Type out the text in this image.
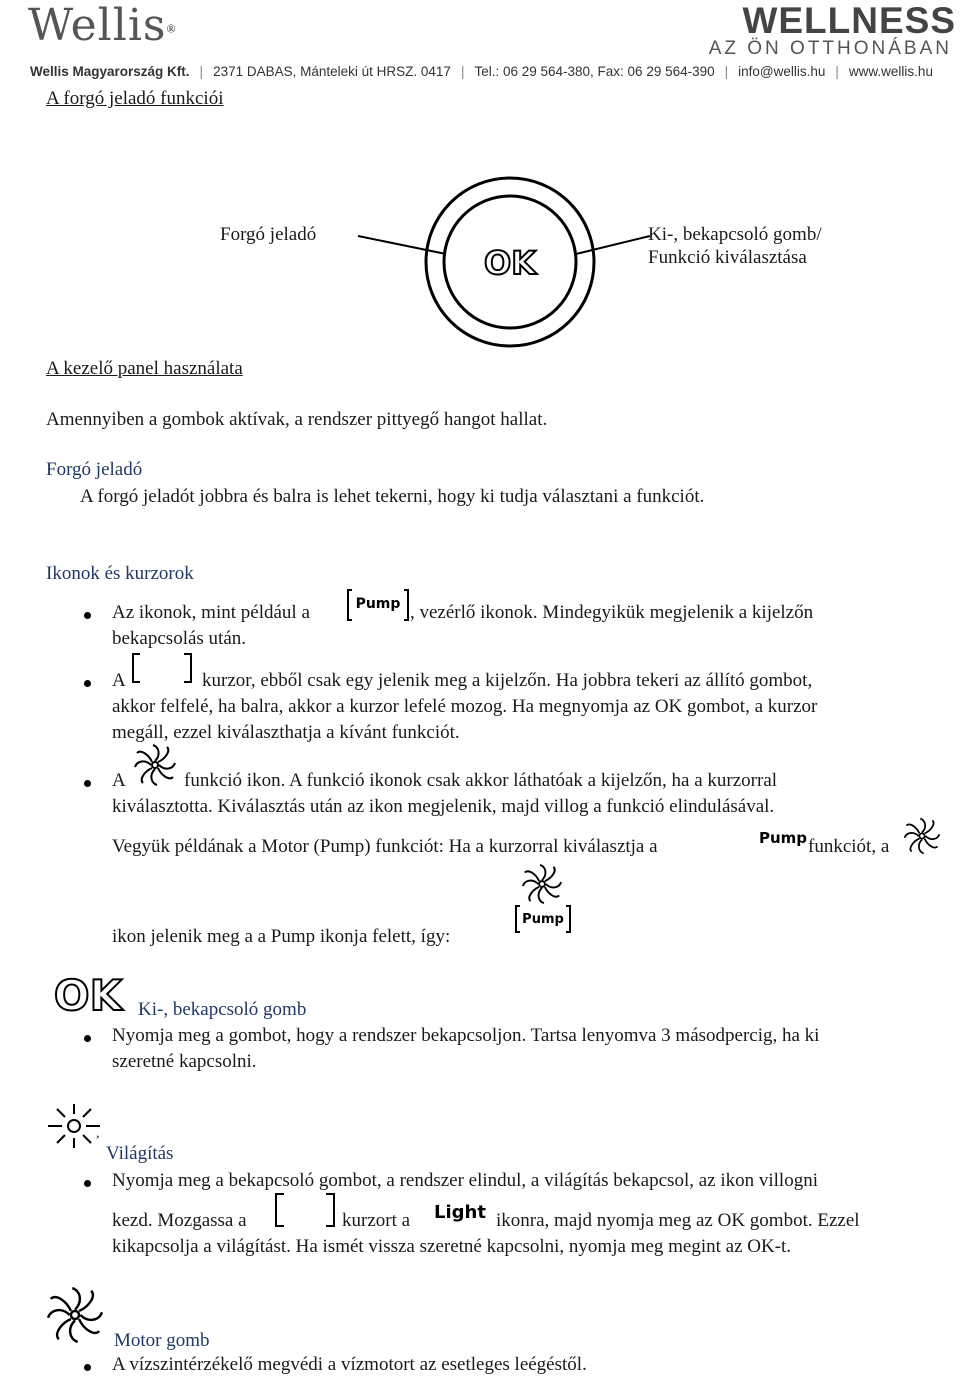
Wellis®	WELLNESS
AZ ÖN OTTHONÁBAN
Wellis Magyarország Kft. | 2371 DABAS, Mánteleki út HRSZ. 0417 | Tel.: 06 29 564-380, Fax: 06 29 564-390 | info@wellis.hu | www.wellis.hu

A forgó jeladó funkciói

Forgó jeladó	Ki-, bekapcsoló gomb/

Funkció kiválasztása

OK

A kezelő panel használata

Amennyiben a gombok aktívak, a rendszer pittyegő hangot hallat.

Forgó jeladó

A forgó jeladót jobbra és balra is lehet tekerni, hogy ki tudja választani a funkciót.

Ikonok és kurzorok

Az ikonok, mint például a	Pump , vezérlő ikonok. Mindegyikük megjelenik a kijelzőn

bekapcsolás után.

A	kurzor, ebből csak egy jelenik meg a kijelzőn. Ha jobbra tekeri az állító gombot,

akkor felfelé, ha balra, akkor a kurzor lefelé mozog. Ha megnyomja az OK gombot, a kurzor

megáll, ezzel kiválaszthatja a kívánt funkciót.

A	funkció ikon. A funkció ikonok csak akkor láthatóak a kijelzőn, ha a kurzorral

kiválasztotta. Kiválasztás után az ikon megjelenik, majd villog a funkció elindulásával.

Vegyük példának a Motor (Pump) funkciót: Ha a kurzorral kiválasztja a	Pump funkciót, a

ikon jelenik meg a a Pump ikonja felett, így:

Pump
OK Ki-, bekapcsoló gomb

Nyomja meg a gombot, hogy a rendszer bekapcsoljon. Tartsa lenyomva 3 másodpercig, ha ki

szeretné kapcsolni.

,

Világítás

Nyomja meg a bekapcsoló gombot, a rendszer elindul, a világítás bekapcsol, az ikon villogni

kezd. Mozgassa a	kurzort a Light ikonra, majd nyomja meg az OK gombot. Ezzel

kikapcsolja a világítást. Ha ismét vissza szeretné kapcsolni, nyomja meg megint az OK-t.

Motor gomb

A vízszintérzékelő megvédi a vízmotort az esetleges leégéstől.
